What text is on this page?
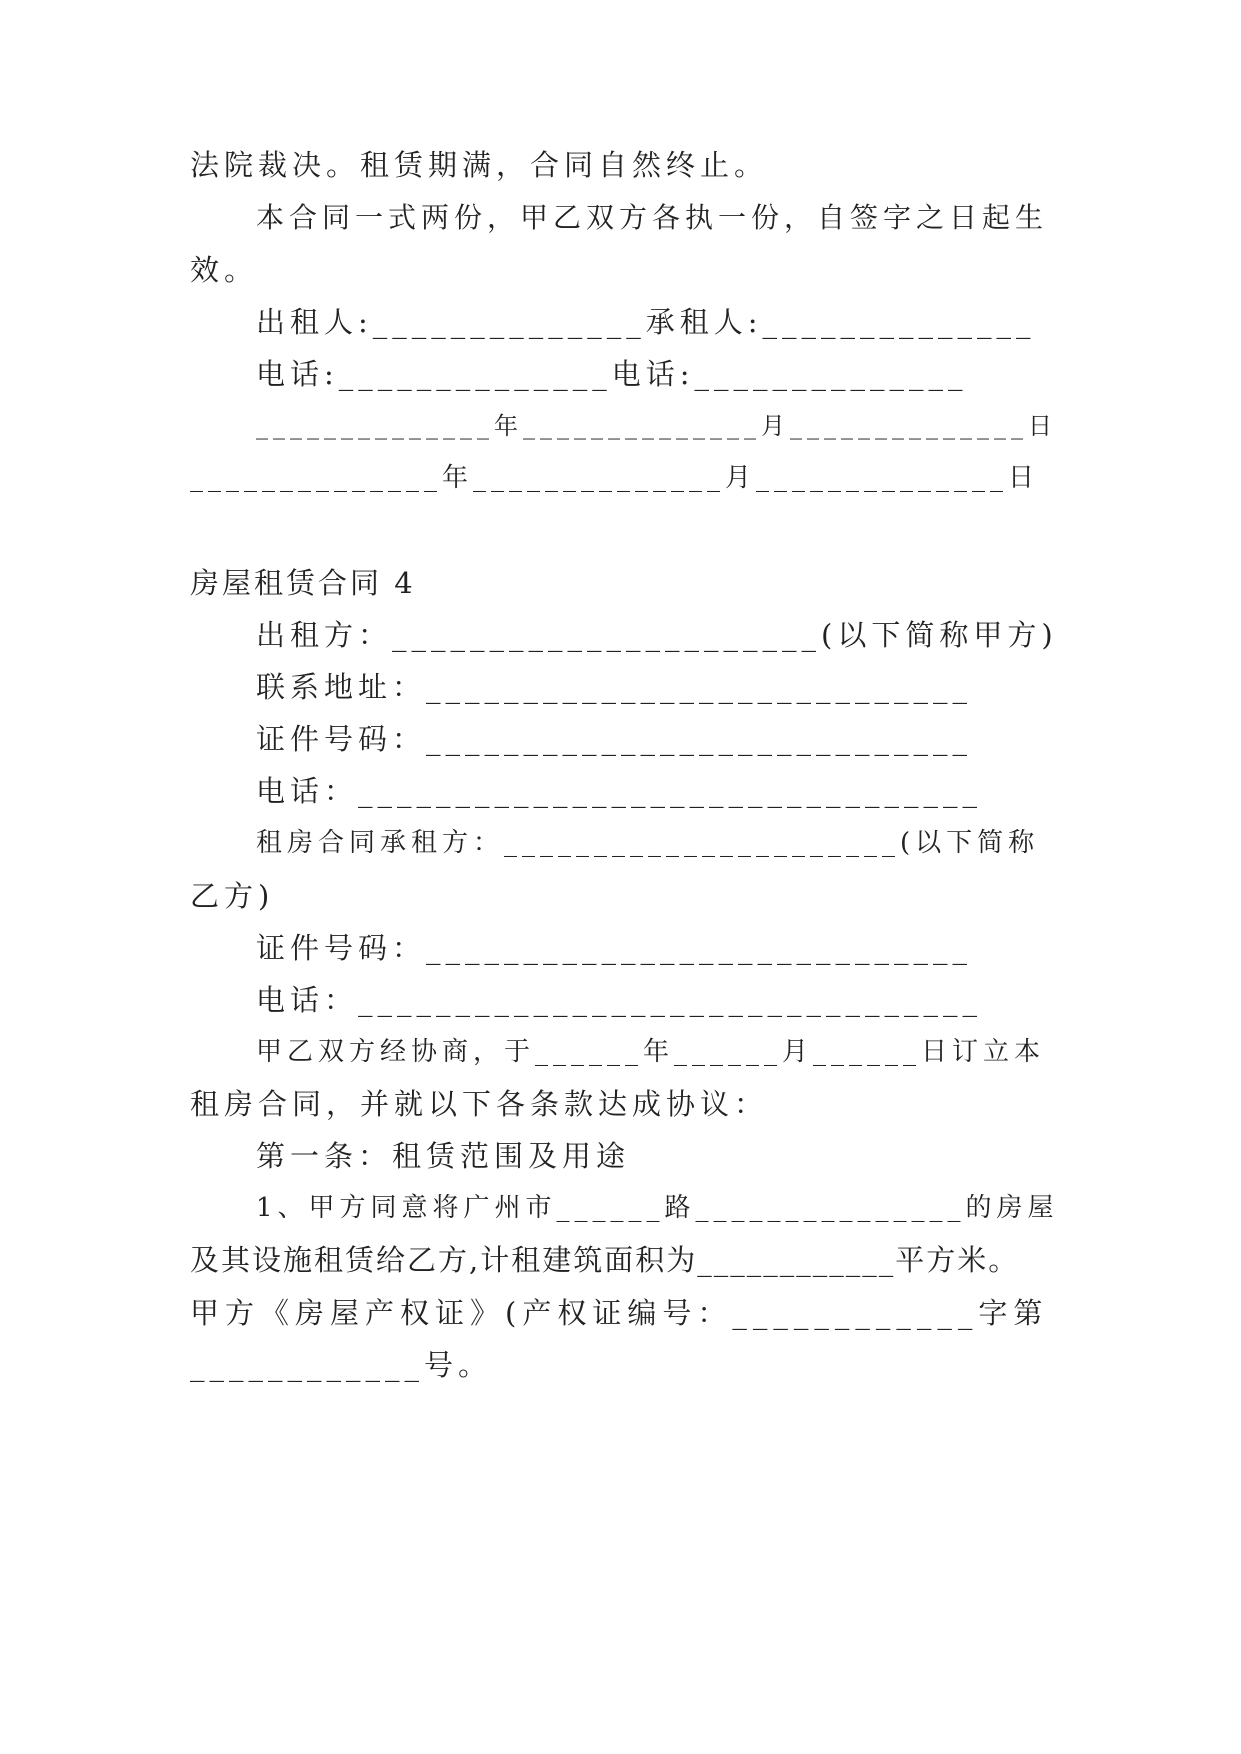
法院裁决。租赁期满，合同自然终止。
本合同一式两份，甲乙双方各执一份，自签字之日起生
效。
出租人:______________承租人:______________
电话:______________电话:______________
______________年______________月______________日
______________年______________月______________日
房屋租赁合同 4
出租方：______________________(以下简称甲方)
联系地址：____________________________
证件号码：____________________________
电话：________________________________
租房合同承租方：______________________(以下简称
乙方)
证件号码：____________________________
电话：________________________________
甲乙双方经协商，于______年______月______日订立本
租房合同，并就以下各条款达成协议：
第一条：租赁范围及用途
1、甲方同意将广州市______路_______________的房屋
及其设施租赁给乙方,计租建筑面积为____________平方米。
甲方《房屋产权证》(产权证编号：____________字第
____________号。
